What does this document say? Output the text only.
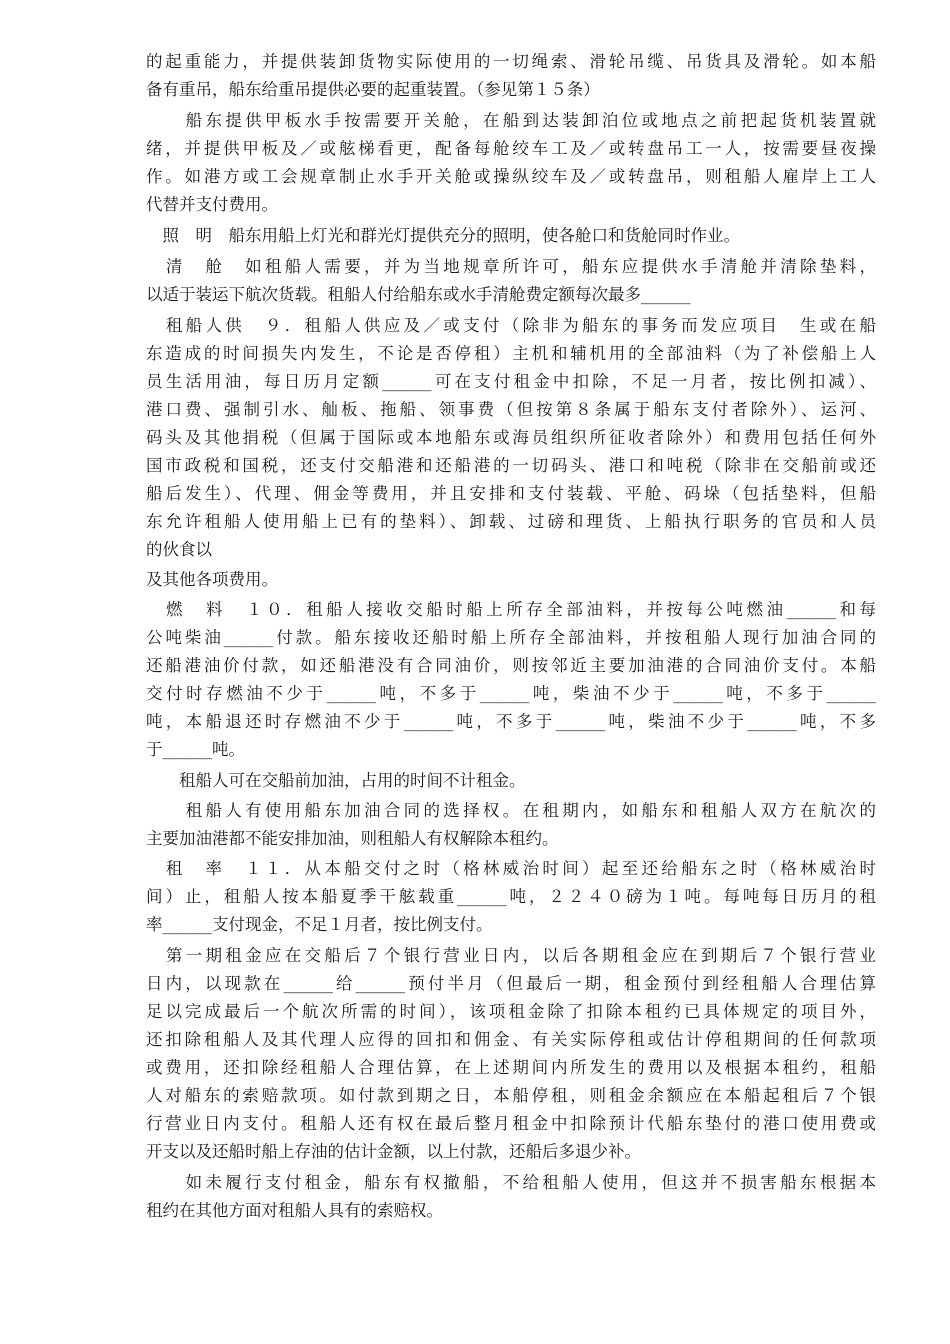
的起重能力，并提供装卸货物实际使用的一切绳索、滑轮吊缆、吊货具及滑轮。如本船
备有重吊，船东给重吊提供必要的起重装置。（参见第１５条）
　　船东提供甲板水手按需要开关舱，在船到达装卸泊位或地点之前把起货机装置就
绪，并提供甲板及／或舷梯看更，配备每舱绞车工及／或转盘吊工一人，按需要昼夜操
作。如港方或工会规章制止水手开关舱或操纵绞车及／或转盘吊，则租船人雇岸上工人
代替并支付费用。
　照　明　船东用船上灯光和群光灯提供充分的照明，使各舱口和货舱同时作业。
　清　舱　如租船人需要，并为当地规章所许可，船东应提供水手清舱并清除垫料，
以适于装运下航次货载。租船人付给船东或水手清舱费定额每次最多______
　租船人供　９．租船人供应及／或支付（除非为船东的事务而发应项目　生或在船
东造成的时间损失内发生，不论是否停租）主机和辅机用的全部油料（为了补偿船上人
员生活用油，每日历月定额______可在支付租金中扣除，不足一月者，按比例扣减）、
港口费、强制引水、舢板、拖船、领事费（但按第８条属于船东支付者除外）、运河、
码头及其他捐税（但属于国际或本地船东或海员组织所征收者除外）和费用包括任何外
国市政税和国税，还支付交船港和还船港的一切码头、港口和吨税（除非在交船前或还
船后发生）、代理、佣金等费用，并且安排和支付装载、平舱、码垛（包括垫料，但船
东允许租船人使用船上已有的垫料）、卸载、过磅和理货、上船执行职务的官员和人员
的伙食以
及其他各项费用。
　燃　料　１０．租船人接收交船时船上所存全部油料，并按每公吨燃油______和每
公吨柴油______付款。船东接收还船时船上所存全部油料，并按租船人现行加油合同的
还船港油价付款，如还船港没有合同油价，则按邻近主要加油港的合同油价支付。本船
交付时存燃油不少于______吨，不多于______吨，柴油不少于______吨，不多于______
吨，本船退还时存燃油不少于______吨，不多于______吨，柴油不少于______吨，不多
于______吨。
　　租船人可在交船前加油，占用的时间不计租金。
　　租船人有使用船东加油合同的选择权。在租期内，如船东和租船人双方在航次的
主要加油港都不能安排加油，则租船人有权解除本租约。
　租　率　１１．从本船交付之时（格林威治时间）起至还给船东之时（格林威治时
间）止，租船人按本船夏季干舷载重______吨，２２４０磅为１吨。每吨每日历月的租
率______支付现金，不足１月者，按比例支付。
　第一期租金应在交船后７个银行营业日内，以后各期租金应在到期后７个银行营业
日内，以现款在______给______预付半月（但最后一期，租金预付到经租船人合理估算
足以完成最后一个航次所需的时间），该项租金除了扣除本租约已具体规定的项目外，
还扣除租船人及其代理人应得的回扣和佣金、有关实际停租或估计停租期间的任何款项
或费用，还扣除经租船人合理估算，在上述期间内所发生的费用以及根据本租约，租船
人对船东的索赔款项。如付款到期之日，本船停租，则租金余额应在本船起租后７个银
行营业日内支付。租船人还有权在最后整月租金中扣除预计代船东垫付的港口使用费或
开支以及还船时船上存油的估计金额，以上付款，还船后多退少补。
　　如未履行支付租金，船东有权撤船，不给租船人使用，但这并不损害船东根据本
租约在其他方面对租船人具有的索赔权。
